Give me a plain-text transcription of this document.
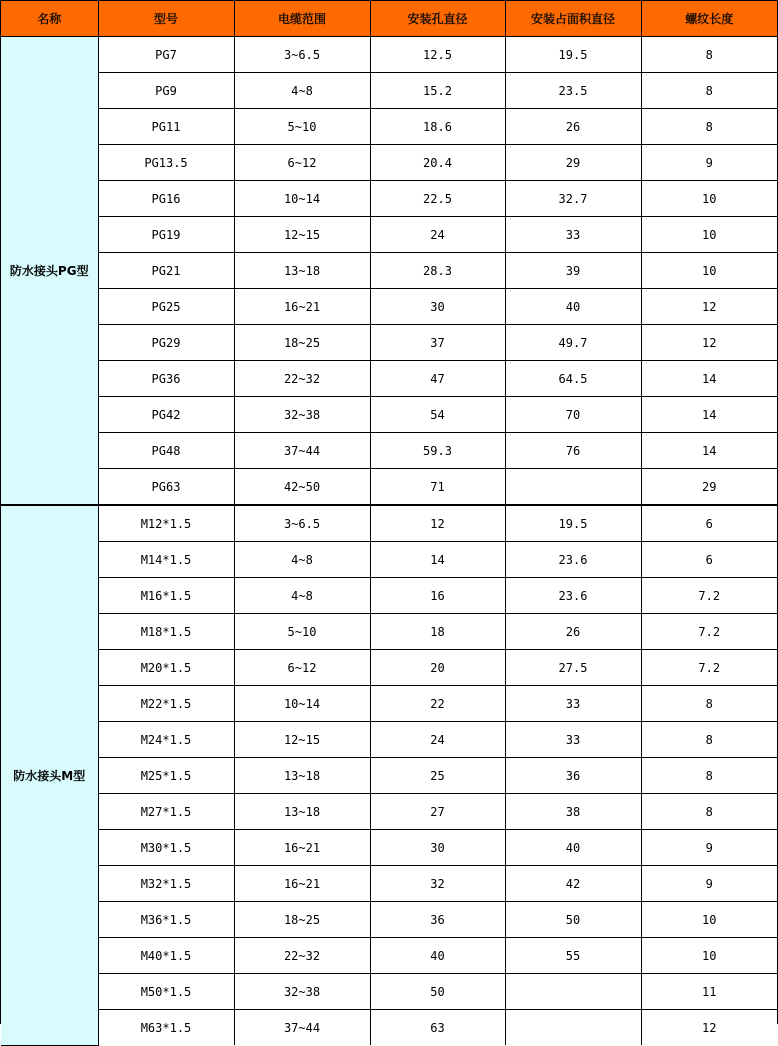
名称	型号	电缆范围	安装孔直径	安装占面积直径	螺纹长度
防水接头PG型	PG7	3~6.5	12.5	19.5	8
	PG9	4~8	15.2	23.5	8
	PG11	5~10	18.6	26	8
	PG13.5	6~12	20.4	29	9
	PG16	10~14	22.5	32.7	10
	PG19	12~15	24	33	10
	PG21	13~18	28.3	39	10
	PG25	16~21	30	40	12
	PG29	18~25	37	49.7	12
	PG36	22~32	47	64.5	14
	PG42	32~38	54	70	14
	PG48	37~44	59.3	76	14
	PG63	42~50	71		29
防水接头M型	M12*1.5	3~6.5	12	19.5	6
	M14*1.5	4~8	14	23.6	6
	M16*1.5	4~8	16	23.6	7.2
	M18*1.5	5~10	18	26	7.2
	M20*1.5	6~12	20	27.5	7.2
	M22*1.5	10~14	22	33	8
	M24*1.5	12~15	24	33	8
	M25*1.5	13~18	25	36	8
	M27*1.5	13~18	27	38	8
	M30*1.5	16~21	30	40	9
	M32*1.5	16~21	32	42	9
	M36*1.5	18~25	36	50	10
	M40*1.5	22~32	40	55	10
	M50*1.5	32~38	50		11
	M63*1.5	37~44	63		12
